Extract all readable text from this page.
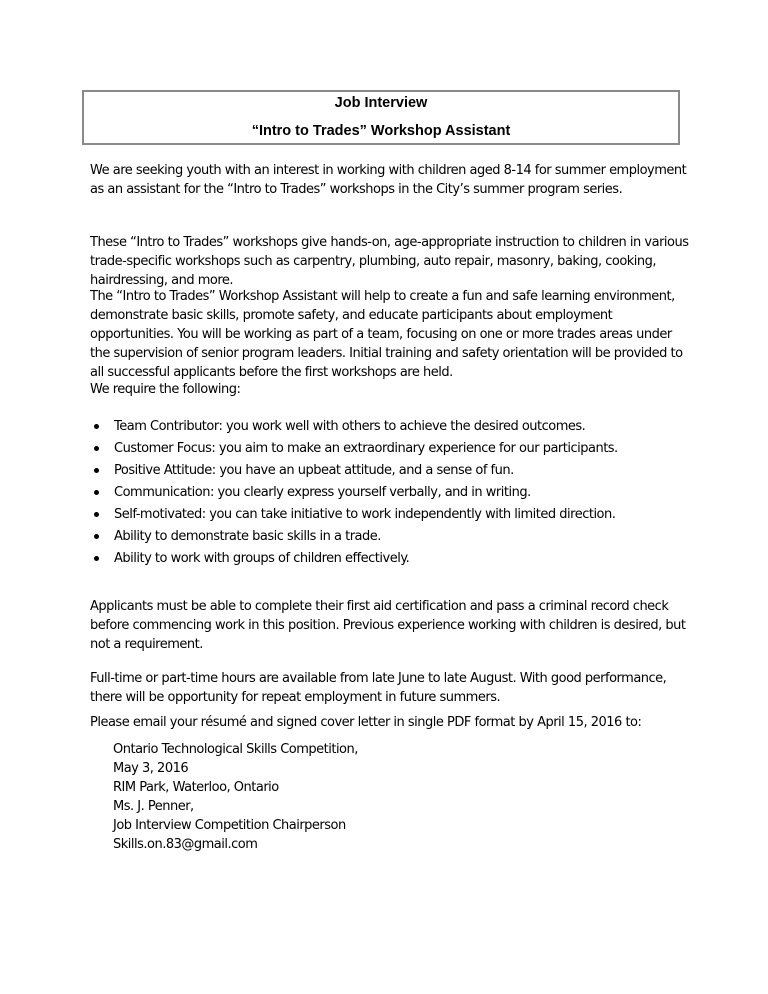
Job Interview
“Intro to Trades” Workshop Assistant

We are seeking youth with an interest in working with children aged 8-14 for summer employment as an assistant for the “Intro to Trades” workshops in the City’s summer program series.

These “Intro to Trades” workshops give hands-on, age-appropriate instruction to children in various trade-specific workshops such as carpentry, plumbing, auto repair, masonry, baking, cooking, hairdressing, and more.

The “Intro to Trades” Workshop Assistant will help to create a fun and safe learning environment, demonstrate basic skills, promote safety, and educate participants about employment opportunities. You will be working as part of a team, focusing on one or more trades areas under the supervision of senior program leaders. Initial training and safety orientation will be provided to all successful applicants before the first workshops are held.

We require the following:

Team Contributor: you work well with others to achieve the desired outcomes.
Customer Focus: you aim to make an extraordinary experience for our participants.
Positive Attitude: you have an upbeat attitude, and a sense of fun.
Communication: you clearly express yourself verbally, and in writing.
Self-motivated: you can take initiative to work independently with limited direction.
Ability to demonstrate basic skills in a trade.
Ability to work with groups of children effectively.

Applicants must be able to complete their first aid certification and pass a criminal record check before commencing work in this position. Previous experience working with children is desired, but not a requirement.

Full-time or part-time hours are available from late June to late August. With good performance, there will be opportunity for repeat employment in future summers.

Please email your résumé and signed cover letter in single PDF format by April 15, 2016 to:

Ontario Technological Skills Competition,
May 3, 2016
RIM Park, Waterloo, Ontario
Ms. J. Penner,
Job Interview Competition Chairperson
Skills.on.83@gmail.com
